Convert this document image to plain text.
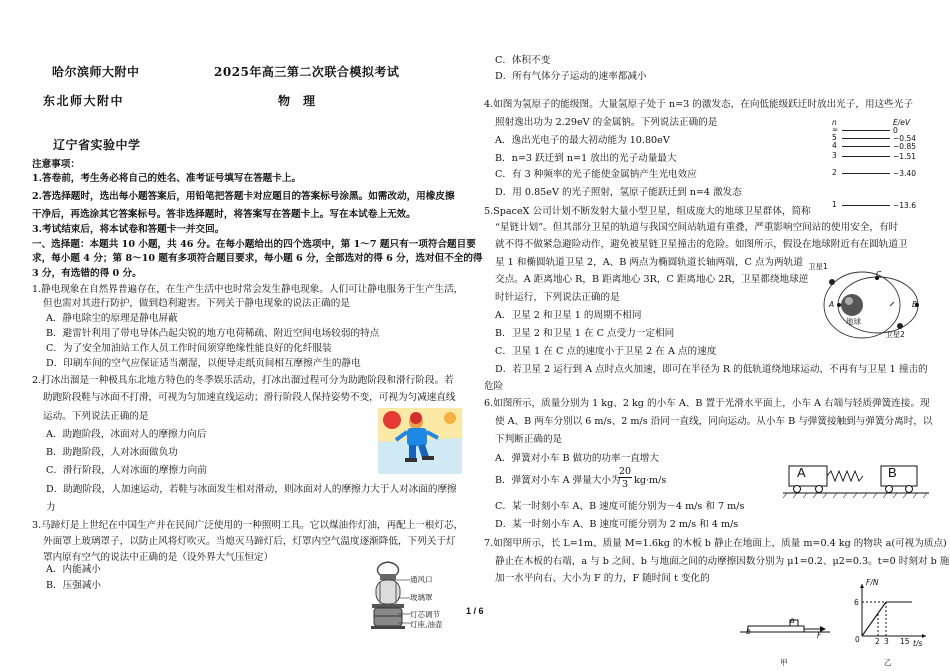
哈尔滨师大附中	2025年高三第二次联合模拟考试
东北师大附中	物　理
辽宁省实验中学
注意事项：
1.答卷前，考生务必将自己的姓名、准考证号填写在答题卡上。
2.答选择题时，选出每小题答案后，用铅笔把答题卡对应题目的答案标号涂黑。如需改动，用橡皮擦
干净后，再选涂其它答案标号。答非选择题时，将答案写在答题卡上。写在本试卷上无效。
3.考试结束后，将本试卷和答题卡一并交回。
一、选择题：本题共 10 小题，共 46 分。在每小题给出的四个选项中，第 1～7 题只有一项符合题目要
求，每小题 4 分；第 8～10 题有多项符合题目要求，每小题 6 分，全部选对的得 6 分，选对但不全的得
3 分，有选错的得 0 分。
1.静电现象在自然界普遍存在，在生产生活中也时常会发生静电现象。人们可让静电服务于生产生活，
但也需对其进行防护，做到趋利避害。下列关于静电现象的说法正确的是
A．静电除尘的原理是静电屏蔽
B．避雷针利用了带电导体凸起尖锐的地方电荷稀疏、附近空间电场较弱的特点
C．为了安全加油站工作人员工作时间须穿绝缘性能良好的化纤服装
D．印刷车间的空气应保证适当潮湿，以便导走纸页间相互摩擦产生的静电
2.打冰出溜是一种极具东北地方特色的冬季娱乐活动，打冰出溜过程可分为助跑阶段和滑行阶段。若
助跑阶段鞋与冰面不打滑，可视为匀加速直线运动；滑行阶段人保持姿势不变，可视为匀减速直线
运动。下列说法正确的是
A．助跑阶段，冰面对人的摩擦力向后
B．助跑阶段，人对冰面做负功
C．滑行阶段，人对冰面的摩擦力向前
D．助跑阶段，人加速运动，若鞋与冰面发生相对滑动，则冰面对人的摩擦力大于人对冰面的摩擦
力
3.马蹄灯是上世纪在中国生产并在民间广泛使用的一种照明工具。它以煤油作灯油，再配上一根灯芯，
外面罩上玻璃罩子，以防止风将灯吹灭。当熄灭马蹄灯后，灯罩内空气温度逐渐降低，下列关于灯
罩内原有空气的说法中正确的是（设外界大气压恒定）
A．内能减小
B．压强减小
通风口
玻璃罩
灯芯调节
灯座,油壶
1 / 6
C．体积不变
D．所有气体分子运动的速率都减小
4.如图为氢原子的能级图。大量氢原子处于 n=3 的激发态，在向低能级跃迁时放出光子，用这些光子
照射逸出功为 2.29eV 的金属钠。下列说法正确的是
A．逸出光电子的最大初动能为 10.80eV
B．n=3 跃迁到 n=1 放出的光子动量最大
C．有 3 种频率的光子能使金属钠产生光电效应
D．用 0.85eV 的光子照射，氢原子能跃迁到 n=4 激发态
n	E/eV
∞	0
5	−0.54
4	−0.85
3	−1.51
2	−3.40
1	−13.6
5.SpaceX 公司计划不断发射大量小型卫星，组成庞大的地球卫星群体，简称
“星链计划”。但其部分卫星的轨道与我国空间站轨道有重叠，严重影响空间站的使用安全，有时
就不得不做紧急避险动作，避免被星链卫星撞击的危险。如图所示，假设在地球附近有在圆轨道卫
星 1 和椭圆轨道卫星 2，A、B 两点为椭圆轨道长轴两端，C 点为两轨道
交点。A 距离地心 R，B 距离地心 3R，C 距离地心 2R，卫星都绕地球逆
时针运行，下列说法正确的是
A．卫星 2 和卫星 1 的周期不相同
B．卫星 2 和卫星 1 在 C 点受力一定相同
C．卫星 1 在 C 点的速度小于卫星 2 在 A 点的速度
D．若卫星 2 运行到 A 点时点火加速，即可在半径为 R 的低轨道绕地球运动，不再有与卫星 1 撞击的
危险
卫星1
卫星2
地球
A	B
C
6.如图所示，质量分别为 1 kg、2 kg 的小车 A、B 置于光滑水平面上，小车 A 右端与轻质弹簧连接。现
使 A、B 两车分别以 6 m/s、2 m/s 沿同一直线，同向运动。从小车 B 与弹簧接触到与弹簧分离时，以
下判断正确的是
A．弹簧对小车 B 做功的功率一直增大
B．弹簧对小车 A 弹量大小为
20
3 kg·m/s
C．某一时刻小车 A、B 速度可能分别为－4 m/s 和 7 m/s
D．某一时刻小车 A、B 速度可能分别为 2 m/s 和 4 m/s
A	B
7.如图甲所示，长 L=1m、质量 M=1.6kg 的木板 b 静止在地面上，质量 m=0.4 kg 的物块 a(可视为质点)
静止在木板的右端，a 与 b 之间、b 与地面之间的动摩擦因数分别为 μ1=0.2、μ2=0.3。t=0 时刻对 b 施
加一水平向右、大小为 F 的力，F 随时间 t 变化的
b
a
F
甲
F/N
t/s
0
6
2 3 15
乙
